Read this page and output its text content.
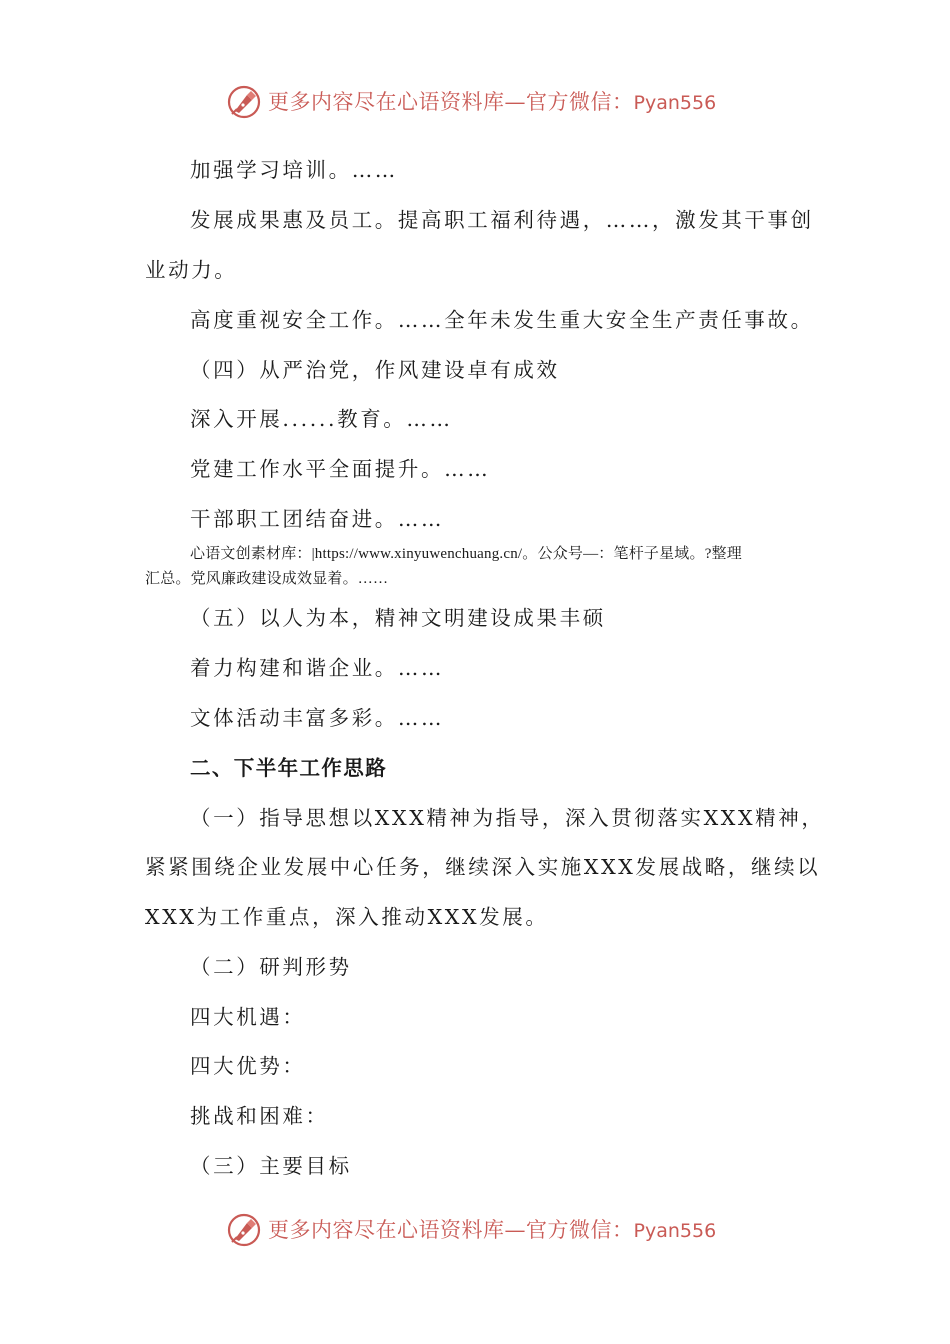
更多内容尽在心语资料库—官方微信：Pyan556
加强学习培训。……
发展成果惠及员工。提高职工福利待遇，……，激发其干事创
业动力。
高度重视安全工作。……全年未发生重大安全生产责任事故。
（四）从严治党，作风建设卓有成效
深入开展......教育。……
党建工作水平全面提升。……
干部职工团结奋进。……
心语文创素材库：|https://www.xinyuwenchuang.cn/。公众号—：笔杆子星域。?整理
汇总。党风廉政建设成效显着。……
（五）以人为本，精神文明建设成果丰硕
着力构建和谐企业。……
文体活动丰富多彩。……
二、下半年工作思路
（一）指导思想以XXX精神为指导，深入贯彻落实XXX精神，
紧紧围绕企业发展中心任务，继续深入实施XXX发展战略，继续以
XXX为工作重点，深入推动XXX发展。
（二）研判形势
四大机遇：
四大优势：
挑战和困难：
（三）主要目标
更多内容尽在心语资料库—官方微信：Pyan556
